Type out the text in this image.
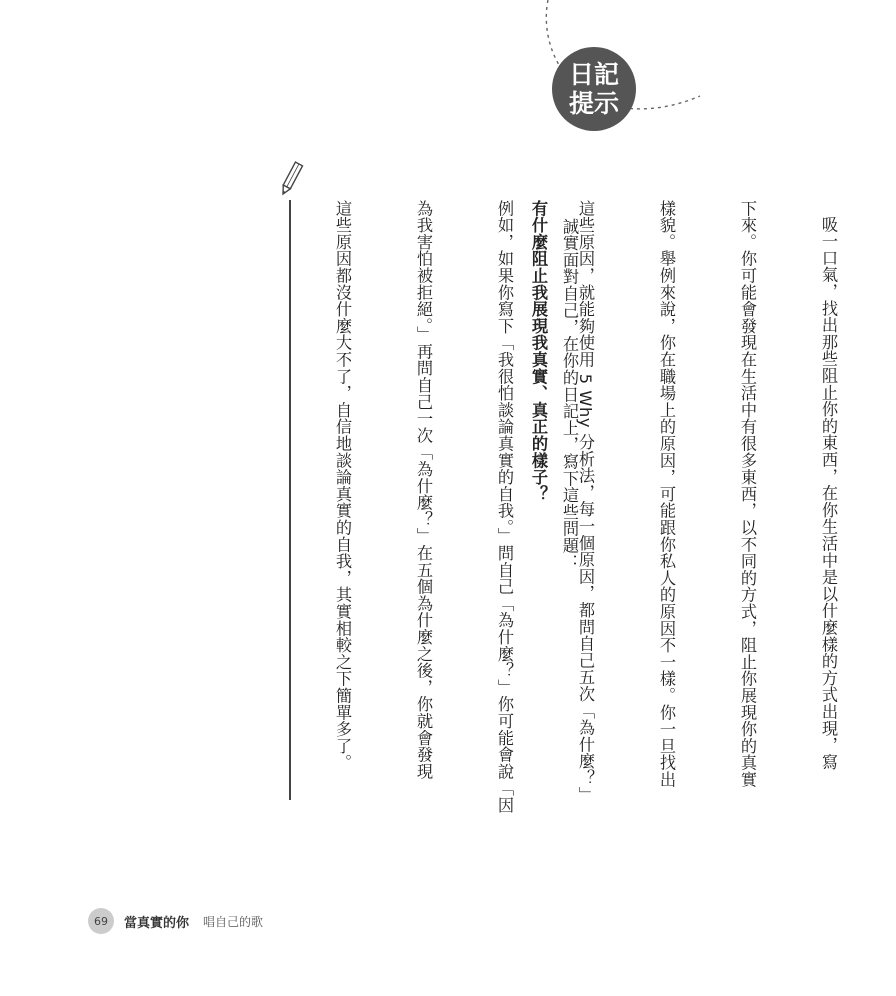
日記
提示
誠實面對自己，在你的日記上，寫下這些問題：
有什麼阻止我展現我真實、真正的樣子？

	吸一口氣，找出那些阻止你的東西，在你生活中是以什麼樣的方式出現，寫

下來。你可能會發現在生活中有很多東西，以不同的方式，阻止你展現你的真實

樣貌。舉例來說，你在職場上的原因，可能跟你私人的原因不一樣。你一旦找出

這些原因，就能夠使用 5 Why 分析法，每一個原因，都問自己五次「為什麼？」

例如，如果你寫下「我很怕談論真實的自我。」問自己「為什麼？」你可能會說「因

為我害怕被拒絕。」再問自己一次「為什麼？」在五個為什麼之後，你就會發現

這些原因都沒什麼大不了，自信地談論真實的自我，其實相較之下簡單多了。

69	當真實的你 唱自己的歌
